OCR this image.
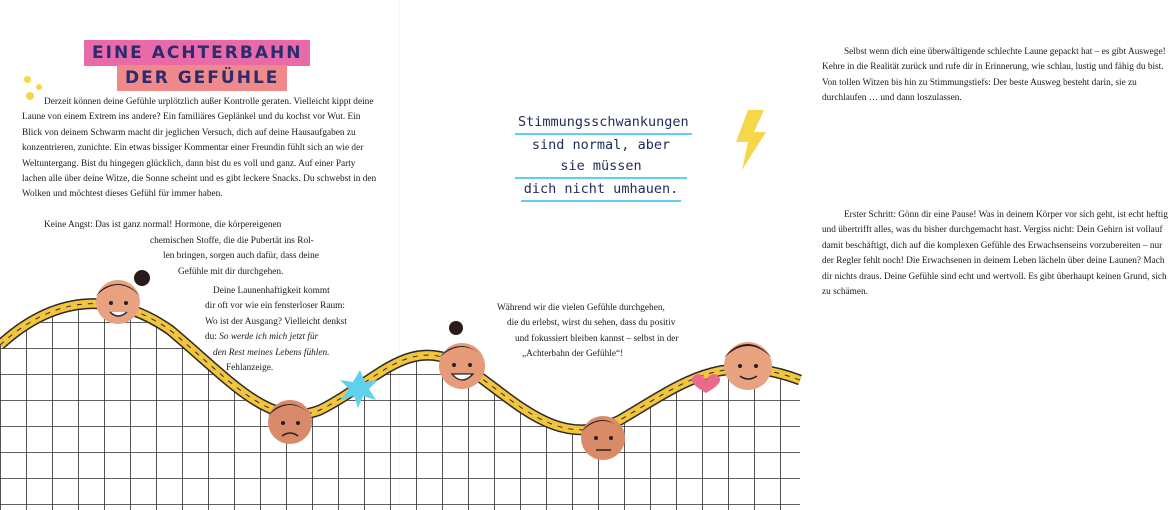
EINE ACHTERBAHN
DER GEFÜHLE

Derzeit können deine Gefühle urplötzlich außer Kontrolle geraten. Vielleicht kippt deine Laune von einem Extrem ins andere? Ein familiäres Geplänkel und du kochst vor Wut. Ein Blick von deinem Schwarm macht dir jeglichen Versuch, dich auf deine Hausaufgaben zu konzentrieren, zunichte. Ein etwas bissiger Kommentar einer Freundin fühlt sich an wie der Weltuntergang. Bist du hingegen glücklich, dann bist du es voll und ganz. Auf einer Party lachen alle über deine Witze, die Sonne scheint und es gibt leckere Snacks. Du schwebst in den Wolken und möchtest dieses Gefühl für immer haben.

Keine Angst: Das ist ganz normal! Hormone, die körpereigenen
chemischen Stoffe, die die Pubertät ins Rol-
len bringen, sorgen auch dafür, dass deine
Gefühle mit dir durchgehen.
Deine Launenhaftigkeit kommt
dir oft vor wie ein fensterloser Raum:
Wo ist der Ausgang? Vielleicht denkst
du: So werde ich mich jetzt für
den Rest meines Lebens fühlen.
Fehlanzeige.

Selbst wenn dich eine überwältigende schlechte Laune gepackt hat – es gibt Auswege! Kehre in die Realität zurück und rufe dir in Erinnerung, wie schlau, lustig und fähig du bist. Von tollen Witzen bis hin zu Stimmungstiefs: Der beste Ausweg besteht darin, sie zu durchlaufen … und dann loszulassen.

Erster Schritt: Gönn dir eine Pause! Was in deinem Körper vor sich geht, ist echt heftig und übertrifft alles, was du bisher durchgemacht hast. Vergiss nicht: Dein Gehirn ist vollauf damit beschäftigt, dich auf die komplexen Gefühle des Erwachsenseins vorzubereiten – nur der Regler fehlt noch! Die Erwachsenen in deinem Leben lächeln über deine Launen? Mach dir nichts draus. Deine Gefühle sind echt und wertvoll. Es gibt überhaupt keinen Grund, sich zu schämen.

Während wir die vielen Gefühle durchgehen,
die du erlebst, wirst du sehen, dass du positiv
und fokussiert bleiben kannst – selbst in der
„Achterbahn der Gefühle“!
Stimmungsschwankungen
sind normal, aber sie müssen
dich nicht umhauen.
